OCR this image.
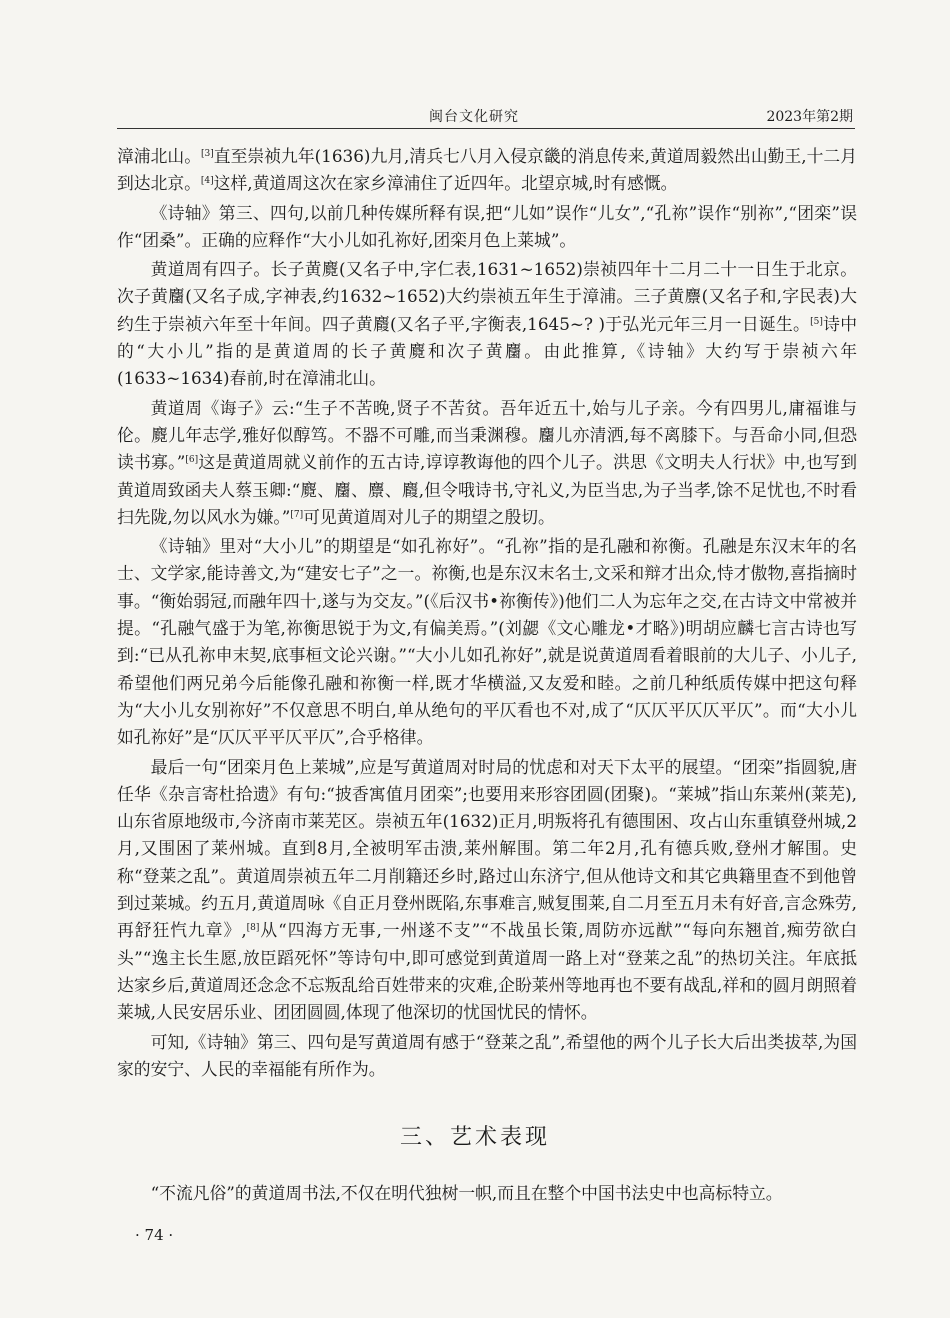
闽台文化研究	2023年第2期

漳浦北山。[3]直至崇祯九年(1636)九月,清兵七八月入侵京畿的消息传来,黄道周毅然出山勤王,十二月到达北京。[4]这样,黄道周这次在家乡漳浦住了近四年。北望京城,时有感慨。

《诗轴》第三、四句,以前几种传媒所释有误,把“儿如”误作“儿女”,“孔祢”误作“别祢”,“团栾”误作“团桑”。正确的应释作“大小儿如孔祢好,团栾月色上莱城”。

黄道周有四子。长子黄麑(又名子中,字仁表,1631~1652)崇祯四年十二月二十一日生于北京。次子黄麕(又名子成,字神表,约1632~1652)大约崇祯五年生于漳浦。三子黄麖(又名子和,字民表)大约生于崇祯六年至十年间。四子黄麚(又名子平,字衡表,1645~? )于弘光元年三月一日诞生。[5]诗中的“大小儿”指的是黄道周的长子黄麑和次子黄麕。由此推算,《诗轴》大约写于崇祯六年(1633~1634)春前,时在漳浦北山。

黄道周《诲子》云:“生子不苦晚,贤子不苦贫。吾年近五十,始与儿子亲。今有四男儿,庸福谁与伦。麑儿年志学,雅好似醇笃。不器不可雕,而当秉渊穆。麕儿亦清洒,每不离膝下。与吾命小同,但恐读书寡。”[6]这是黄道周就义前作的五古诗,谆谆教诲他的四个儿子。洪思《文明夫人行状》中,也写到黄道周致函夫人蔡玉卿:“麑、麕、麖、麚,但令哦诗书,守礼义,为臣当忠,为子当孝,馀不足忧也,不时看扫先陇,勿以风水为嫌。”[7]可见黄道周对儿子的期望之殷切。

《诗轴》里对“大小儿”的期望是“如孔祢好”。“孔祢”指的是孔融和祢衡。孔融是东汉末年的名士、文学家,能诗善文,为“建安七子”之一。祢衡,也是东汉末名士,文采和辩才出众,恃才傲物,喜指摘时事。“衡始弱冠,而融年四十,遂与为交友。”(《后汉书•祢衡传》)他们二人为忘年之交,在古诗文中常被并提。“孔融气盛于为笔,祢衡思锐于为文,有偏美焉。”(刘勰《文心雕龙•才略》)明胡应麟七言古诗也写到:“已从孔祢申末契,底事桓文论兴谢。”“大小儿如孔祢好”,就是说黄道周看着眼前的大儿子、小儿子,希望他们两兄弟今后能像孔融和祢衡一样,既才华横溢,又友爱和睦。之前几种纸质传媒中把这句释为“大小儿女别祢好”不仅意思不明白,单从绝句的平仄看也不对,成了“仄仄平仄仄平仄”。而“大小儿如孔祢好”是“仄仄平平仄平仄”,合乎格律。

最后一句“团栾月色上莱城”,应是写黄道周对时局的忧虑和对天下太平的展望。“团栾”指圆貌,唐任华《杂言寄杜拾遗》有句:“披香寓值月团栾”;也要用来形容团圆(团聚)。“莱城”指山东莱州(莱芜),山东省原地级市,今济南市莱芜区。崇祯五年(1632)正月,明叛将孔有德围困、攻占山东重镇登州城,2月,又围困了莱州城。直到8月,全被明军击溃,莱州解围。第二年2月,孔有德兵败,登州才解围。史称“登莱之乱”。黄道周崇祯五年二月削籍还乡时,路过山东济宁,但从他诗文和其它典籍里查不到他曾到过莱城。约五月,黄道周咏《自正月登州既陷,东事难言,贼复围莱,自二月至五月未有好音,言念殊劳,再舒狂忾九章》,[8]从“四海方无事,一州遂不支”“不战虽长策,周防亦远猷”“每向东翘首,痴劳欲白头”“逸主长生愿,放臣蹈死怀”等诗句中,即可感觉到黄道周一路上对“登莱之乱”的热切关注。年底抵达家乡后,黄道周还念念不忘叛乱给百姓带来的灾难,企盼莱州等地再也不要有战乱,祥和的圆月朗照着莱城,人民安居乐业、团团圆圆,体现了他深切的忧国忧民的情怀。

可知,《诗轴》第三、四句是写黄道周有感于“登莱之乱”,希望他的两个儿子长大后出类拔萃,为国家的安宁、人民的幸福能有所作为。

三、艺术表现

“不流凡俗”的黄道周书法,不仅在明代独树一帜,而且在整个中国书法史中也高标特立。

· 74 ·
